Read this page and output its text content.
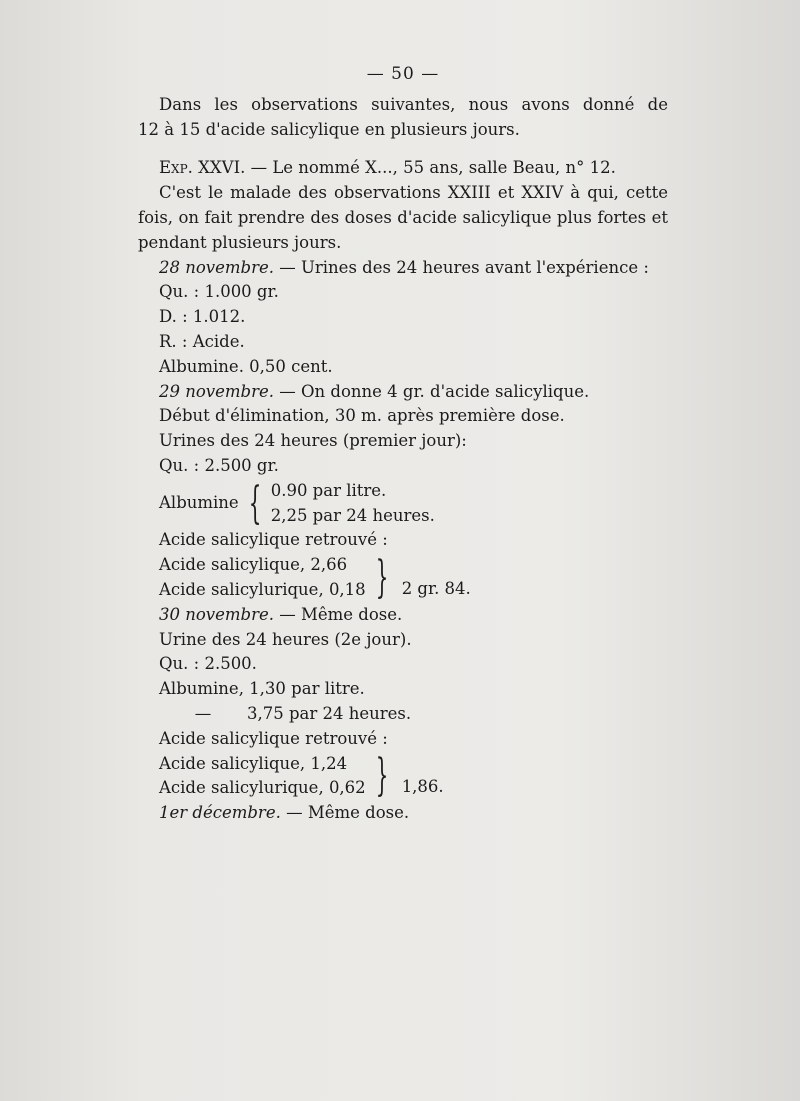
— 50 —
Dans les observations suivantes, nous avons donné de
12 à 15 d'acide salicylique en plusieurs jours.
Exp. XXVI. — Le nommé X..., 55 ans, salle Beau, n° 12.
C'est le malade des observations XXIII et XXIV à qui, cette
fois, on fait prendre des doses d'acide salicylique plus fortes et
pendant plusieurs jours.
28 novembre. — Urines des 24 heures avant l'expérience :
Qu. : 1.000 gr.
D. : 1.012.
R. : Acide.
Albumine. 0,50 cent.
29 novembre. — On donne 4 gr. d'acide salicylique.
Début d'élimination, 30 m. après première dose.
Urines des 24 heures (premier jour):
Qu. : 2.500 gr.
Albumine { 0.90 par litre.
2,25 par 24 heures.
Acide salicylique retrouvé :
Acide salicylique, 2,66
Acide salicylurique, 0,18 } 2 gr. 84.
30 novembre. — Même dose.
Urine des 24 heures (2e jour).
Qu. : 2.500.
Albumine, 1,30 par litre.
— 3,75 par 24 heures.
Acide salicylique retrouvé :
Acide salicylique, 1,24
Acide salicylurique, 0,62 } 1,86.
1er décembre. — Même dose.
